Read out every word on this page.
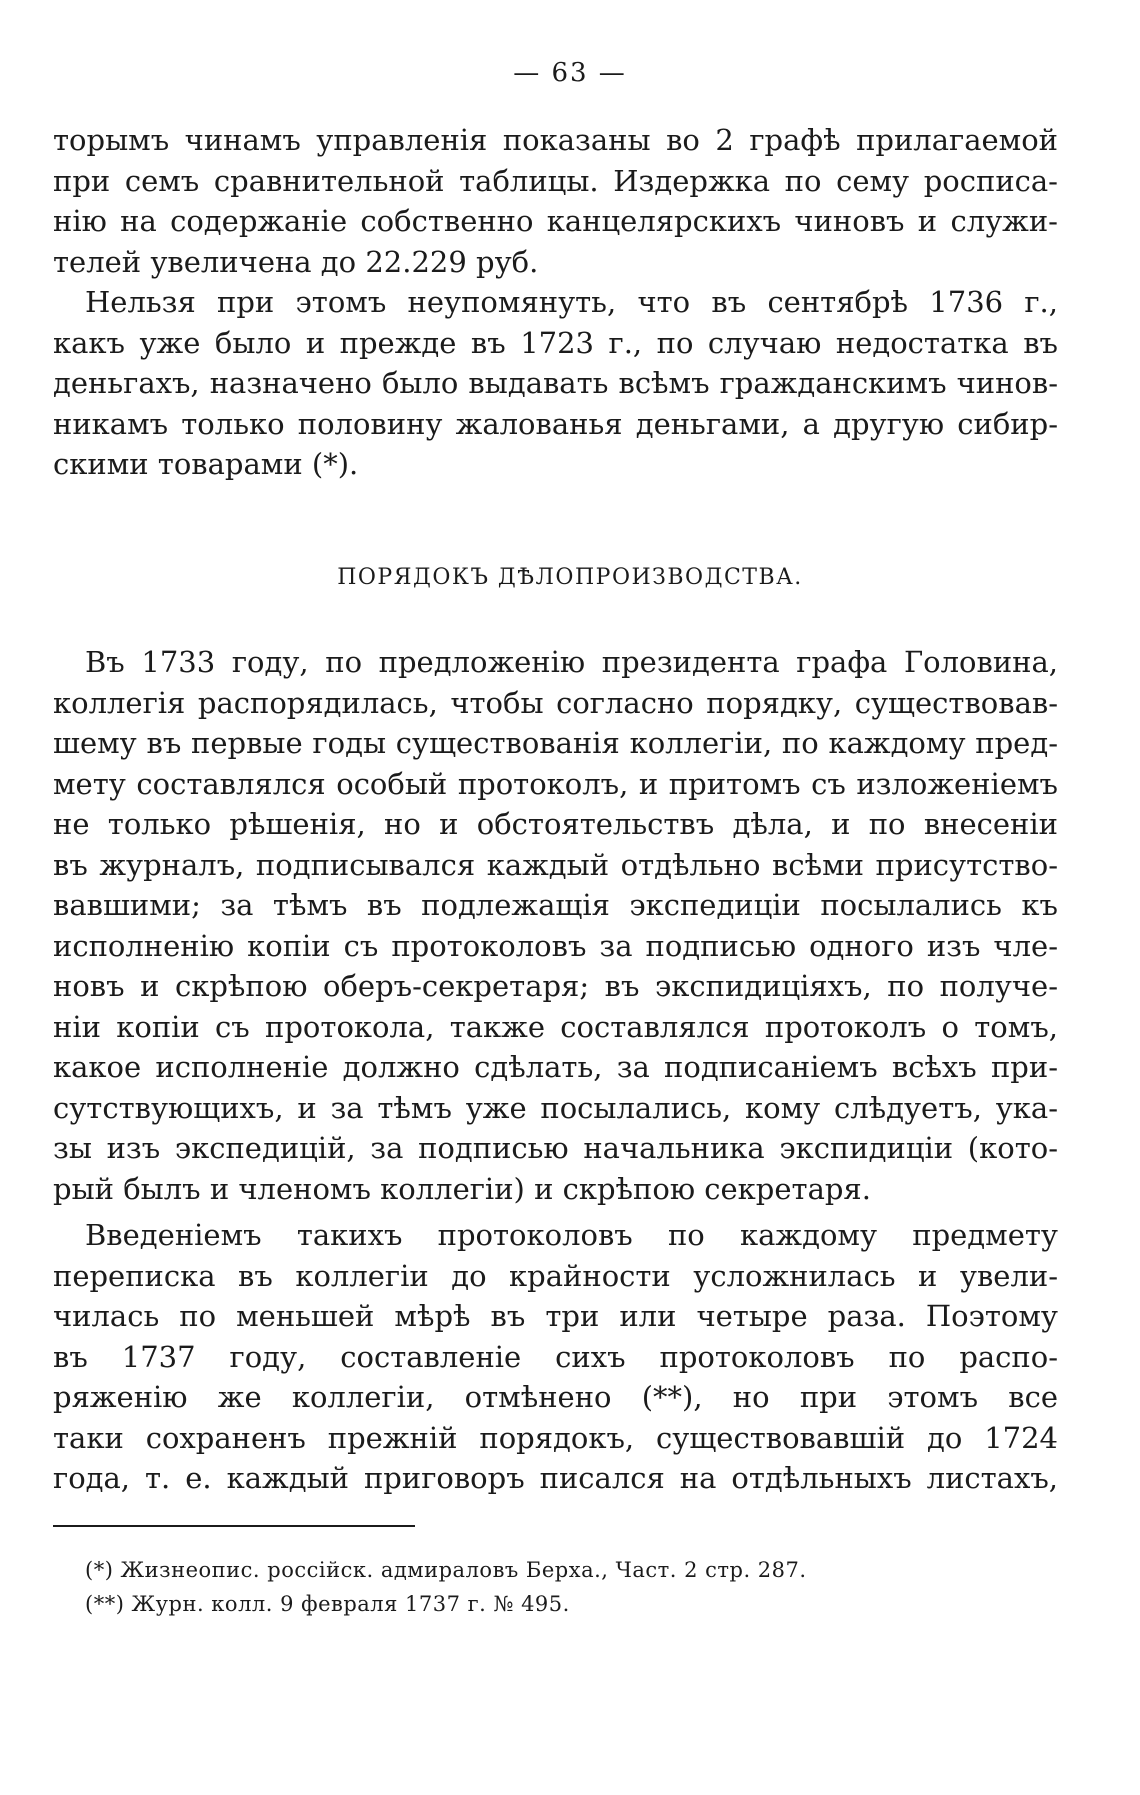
— 63 —
торымъ чинамъ управленія показаны во 2 графѣ прилагаемой
при семъ сравнительной таблицы. Издержка по сему росписа-
нію на содержаніе собственно канцелярскихъ чиновъ и служи-
телей увеличена до 22.229 руб.
Нельзя при этомъ неупомянуть, что въ сентябрѣ 1736 г.,
какъ уже было и прежде въ 1723 г., по случаю недостатка въ
деньгахъ, назначено было выдавать всѣмъ гражданскимъ чинов-
никамъ только половину жалованья деньгами, а другую сибир-
скими товарами (*).
ПОРЯДОКЪ ДѢЛОПРОИЗВОДСТВА.
Въ 1733 году, по предложенію президента графа Головина,
коллегія распорядилась, чтобы согласно порядку, существовав-
шему въ первые годы существованія коллегіи, по каждому пред-
мету составлялся особый протоколъ, и притомъ съ изложеніемъ
не только рѣшенія, но и обстоятельствъ дѣла, и по внесеніи
въ журналъ, подписывался каждый отдѣльно всѣми присутство-
вавшими; за тѣмъ въ подлежащія экспедиціи посылались къ
исполненію копіи съ протоколовъ за подписью одного изъ чле-
новъ и скрѣпою оберъ-секретаря; въ экспидиціяхъ, по получе-
ніи копіи съ протокола, также составлялся протоколъ о томъ,
какое исполненіе должно сдѣлать, за подписаніемъ всѣхъ при-
сутствующихъ, и за тѣмъ уже посылались, кому слѣдуетъ, ука-
зы изъ экспедицій, за подписью начальника экспидиціи (кото-
рый былъ и членомъ коллегіи) и скрѣпою секретаря.
Введеніемъ такихъ протоколовъ по каждому предмету
переписка въ коллегіи до крайности усложнилась и увели-
чилась по меньшей мѣрѣ въ три или четыре раза. Поэтому
въ 1737 году, составленіе сихъ протоколовъ по распо-
ряженію же коллегіи, отмѣнено (**), но при этомъ все
таки сохраненъ прежній порядокъ, существовавшій до 1724
года, т. е. каждый приговоръ писался на отдѣльныхъ листахъ,
(*) Жизнеопис. россійск. адмираловъ Берха., Част. 2 стр. 287.
(**) Журн. колл. 9 февраля 1737 г. № 495.
